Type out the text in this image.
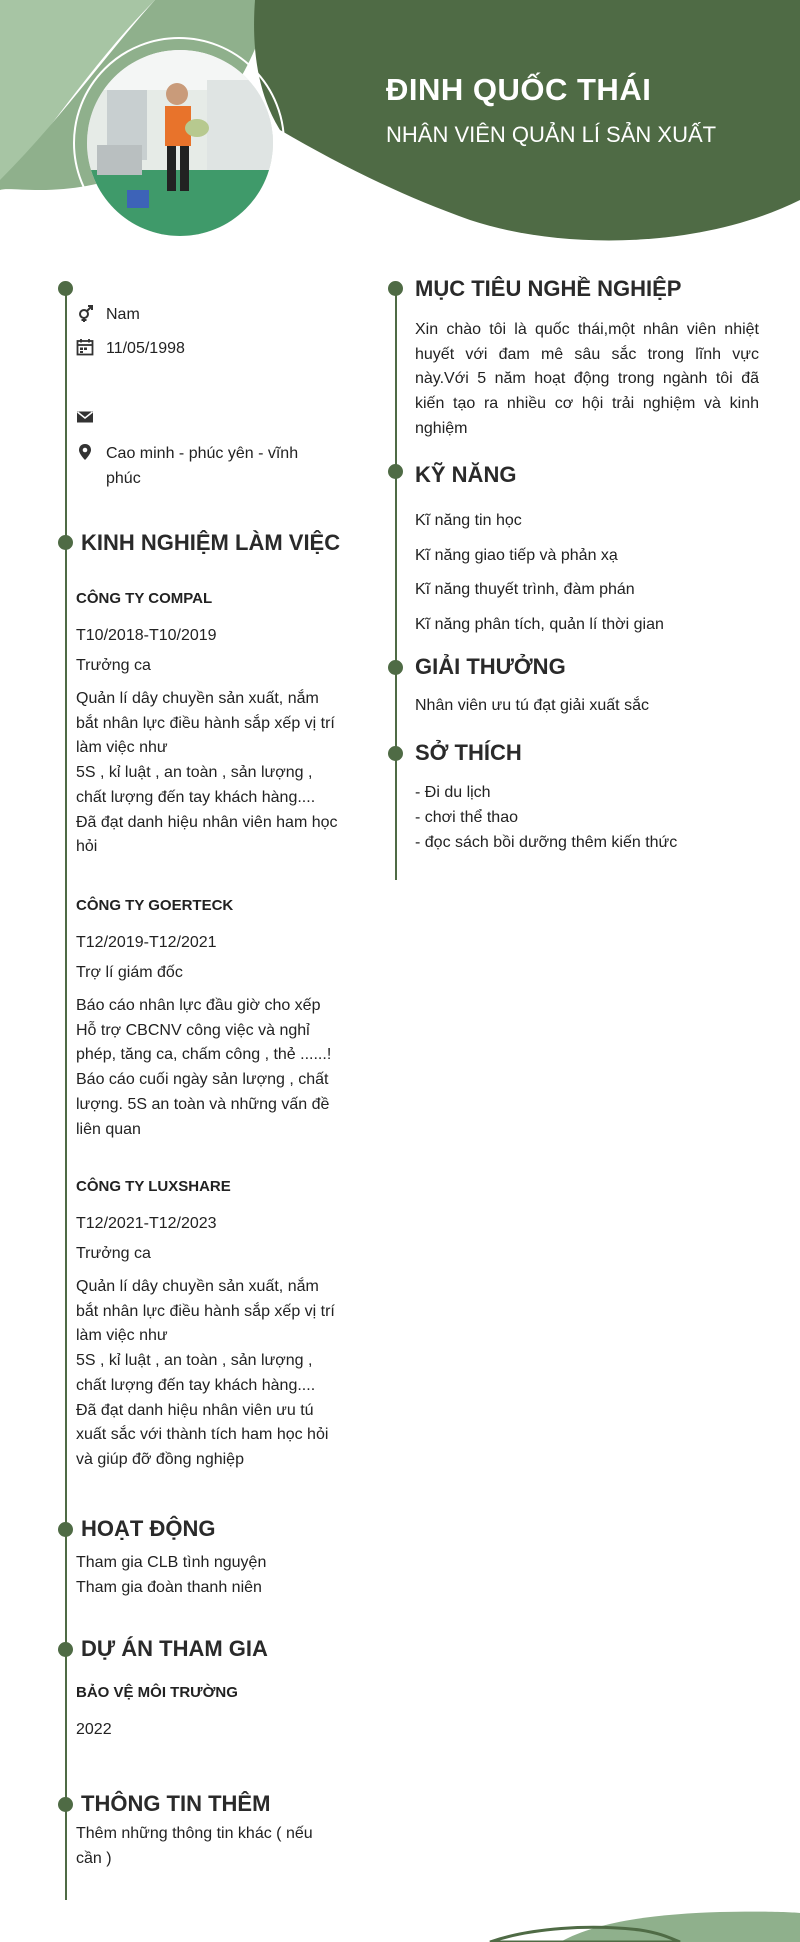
ĐINH QUỐC THÁI
NHÂN VIÊN QUẢN LÍ SẢN XUẤT
Nam
11/05/1998
Cao minh - phúc yên - vĩnh phúc
KINH NGHIỆM LÀM VIỆC
CÔNG TY COMPAL
T10/2018-T10/2019
Trưởng ca
Quản lí dây chuyền sản xuất, nắm bắt nhân lực điều hành sắp xếp vị trí làm việc như
5S , kỉ luật , an toàn , sản lượng , chất lượng đến tay khách hàng....
Đã đạt danh hiệu nhân viên ham học hỏi
CÔNG TY GOERTECK
T12/2019-T12/2021
Trợ lí giám đốc
Báo cáo nhân lực đầu giờ cho xếp
Hỗ trợ CBCNV công việc và nghỉ phép, tăng ca, chấm công , thẻ ......!
Báo cáo cuối ngày sản lượng , chất lượng. 5S an toàn và những vấn đề liên quan
CÔNG TY LUXSHARE
T12/2021-T12/2023
Trưởng ca
Quản lí dây chuyền sản xuất, nắm bắt nhân lực điều hành sắp xếp vị trí làm việc như
5S , kỉ luật , an toàn , sản lượng , chất lượng đến tay khách hàng....
Đã đạt danh hiệu nhân viên ưu tú xuất sắc với thành tích ham học hỏi và giúp đỡ đồng nghiệp
HOẠT ĐỘNG
Tham gia CLB tình nguyện
Tham gia đoàn thanh niên
DỰ ÁN THAM GIA
BẢO VỆ MÔI TRƯỜNG
2022
THÔNG TIN THÊM
Thêm những thông tin khác ( nếu cần )
MỤC TIÊU NGHỀ NGHIỆP
Xin chào tôi là quốc thái,một nhân viên nhiệt huyết với đam mê sâu sắc trong lĩnh vực này.Với 5 năm hoạt động trong ngành tôi đã kiến tạo ra nhiều cơ hội trải nghiệm và kinh nghiệm
KỸ NĂNG
Kĩ năng tin học
Kĩ năng giao tiếp và phản xạ
Kĩ năng thuyết trình, đàm phán
Kĩ năng phân tích, quản lí thời gian
GIẢI THƯỞNG
Nhân viên ưu tú đạt giải xuất sắc
SỞ THÍCH
- Đi du lịch
- chơi thể thao
- đọc sách bồi dưỡng thêm kiến thức
